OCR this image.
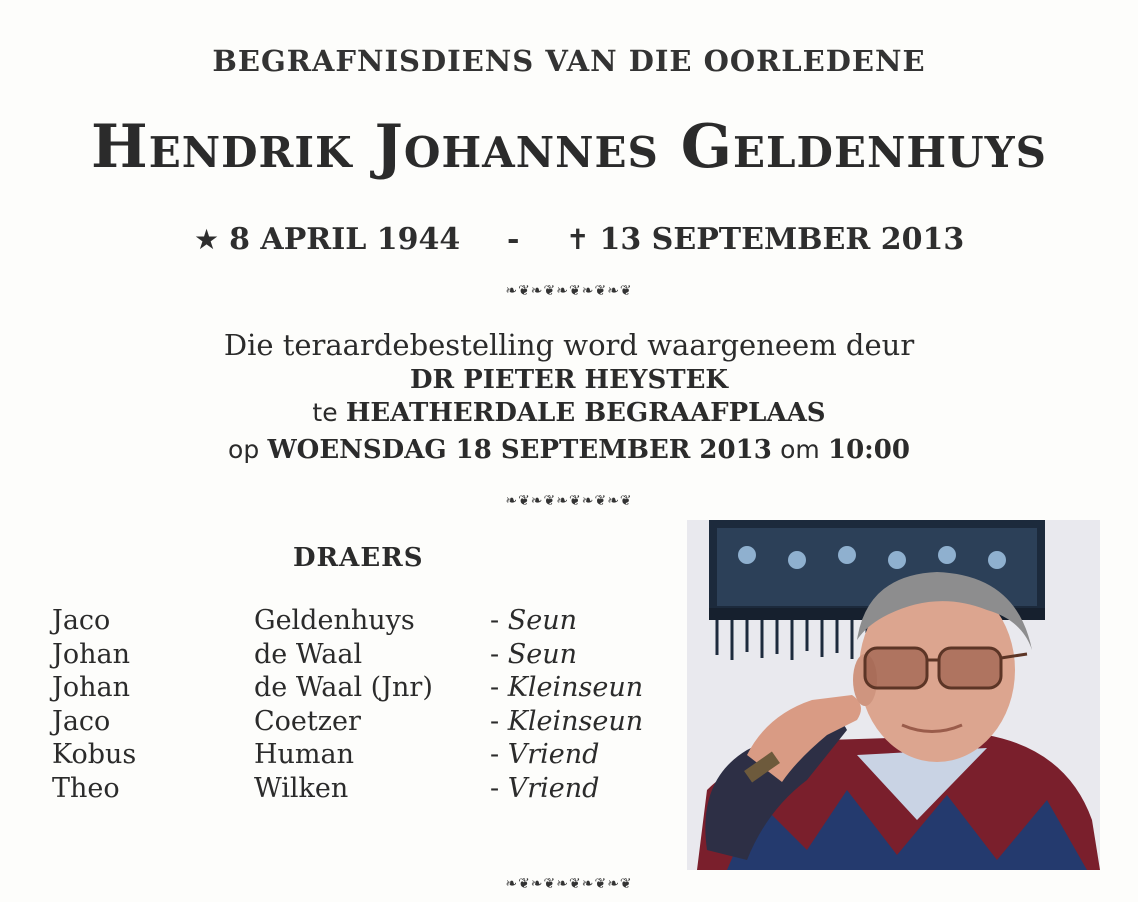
BEGRAFNISDIENS VAN DIE OORLEDENE
Hendrik Johannes Geldenhuys
★ 8 APRIL 1944 - ✝ 13 SEPTEMBER 2013
❧❦❧❦❧❦❧❦❧❦
Die teraardebestelling word waargeneem deur
DR PIETER HEYSTEK
te HEATHERDALE BEGRAAFPLAAS
op WOENSDAG 18 SEPTEMBER 2013 om 10:00
❧❦❧❦❧❦❧❦❧❦
DRAERS
Jaco	Geldenhuys	- Seun
Johan	de Waal	- Seun
Johan	de Waal (Jnr) - Kleinseun
Jaco	Coetzer	- Kleinseun
Kobus	Human	- Vriend
Theo	Wilken	- Vriend
❧❦❧❦❧❦❧❦❧❦
